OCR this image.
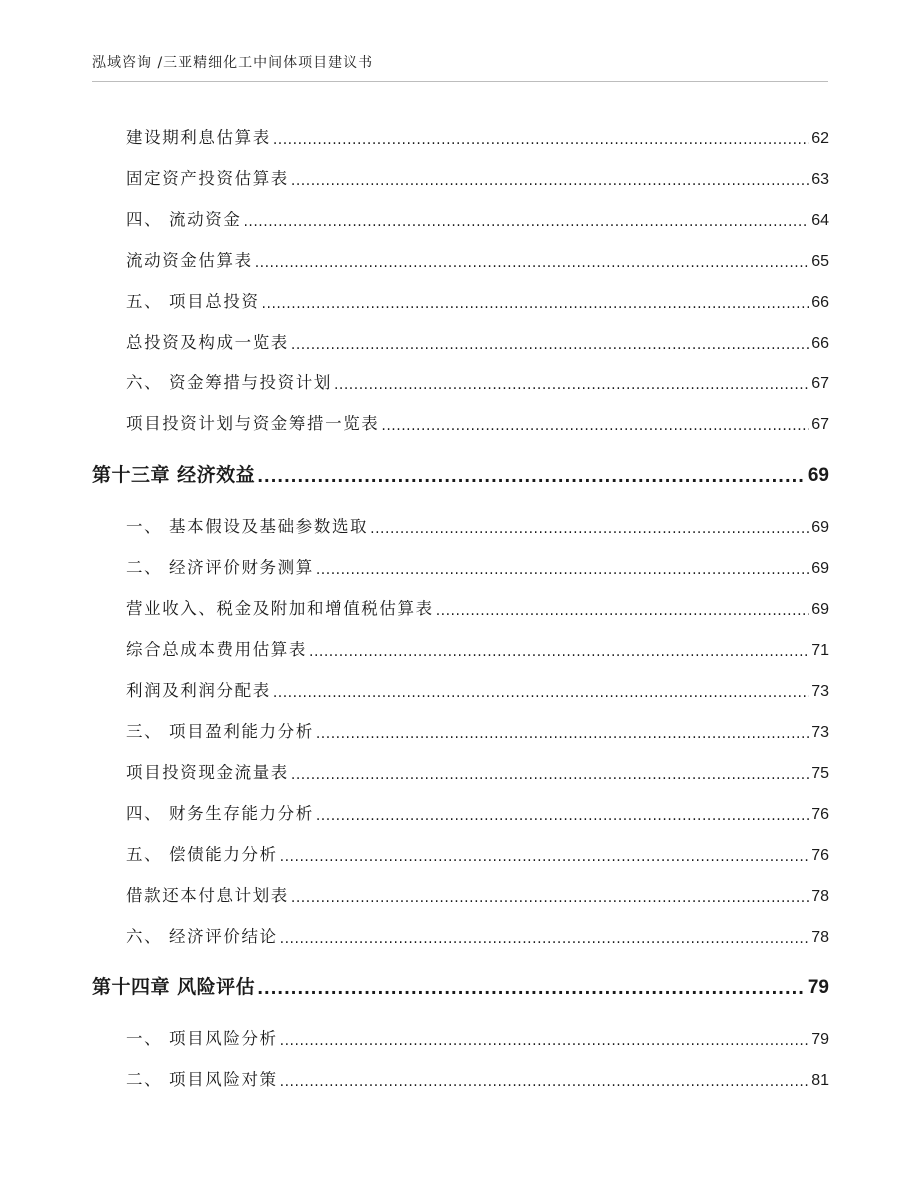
泓域咨询 /三亚精细化工中间体项目建议书
建设期利息估算表 .....	62
固定资产投资估算表 .....	63
四、 流动资金 .....	64
流动资金估算表 .....	65
五、 项目总投资 .....	66
总投资及构成一览表 .....	66
六、 资金筹措与投资计划 .....	67
项目投资计划与资金筹措一览表 .....	67
第十三章 经济效益 .....	69
一、 基本假设及基础参数选取 .....	69
二、 经济评价财务测算 .....	69
营业收入、税金及附加和增值税估算表 .....	69
综合总成本费用估算表 .....	71
利润及利润分配表 .....	73
三、 项目盈利能力分析 .....	73
项目投资现金流量表 .....	75
四、 财务生存能力分析 .....	76
五、 偿债能力分析 .....	76
借款还本付息计划表 .....	78
六、 经济评价结论 .....	78
第十四章 风险评估 .....	79
一、 项目风险分析 .....	79
二、 项目风险对策 .....	81
